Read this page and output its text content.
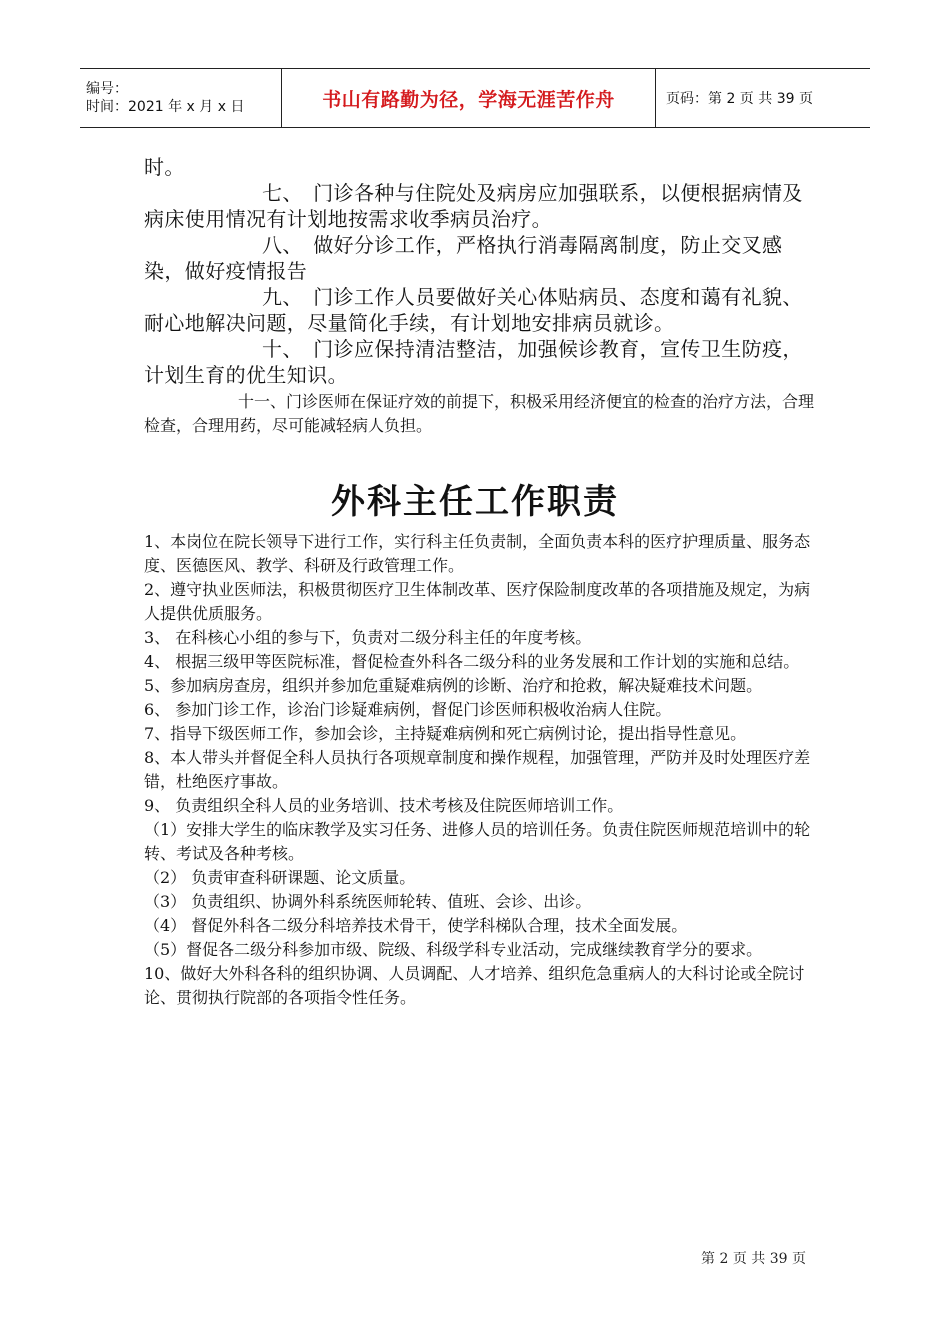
编号：
时间：2021 年 x 月 x 日	书山有路勤为径，学海无涯苦作舟	页码：第 2 页 共 39 页

时。

七、　门诊各种与住院处及病房应加强联系，以便根据病情及病床使用情况有计划地按需求收季病员治疗。

八、　做好分诊工作，严格执行消毒隔离制度，防止交叉感染，做好疫情报告

九、　门诊工作人员要做好关心体贴病员、态度和蔼有礼貌、耐心地解决问题，尽量简化手续，有计划地安排病员就诊。

十、　门诊应保持清洁整洁，加强候诊教育，宣传卫生防疫，计划生育的优生知识。

十一、门诊医师在保证疗效的前提下，积极采用经济便宜的检查的治疗方法，合理检查，合理用药，尽可能减轻病人负担。

外科主任工作职责

1、本岗位在院长领导下进行工作，实行科主任负责制，全面负责本科的医疗护理质量、服务态度、医德医风、教学、科研及行政管理工作。

2、遵守执业医师法，积极贯彻医疗卫生体制改革、医疗保险制度改革的各项措施及规定，为病人提供优质服务。

3、 在科核心小组的参与下，负责对二级分科主任的年度考核。

4、 根据三级甲等医院标准，督促检查外科各二级分科的业务发展和工作计划的实施和总结。

5、参加病房查房，组织并参加危重疑难病例的诊断、治疗和抢救，解决疑难技术问题。

6、 参加门诊工作，诊治门诊疑难病例，督促门诊医师积极收治病人住院。

7、指导下级医师工作，参加会诊，主持疑难病例和死亡病例讨论，提出指导性意见。

8、本人带头并督促全科人员执行各项规章制度和操作规程，加强管理，严防并及时处理医疗差错，杜绝医疗事故。

9、 负责组织全科人员的业务培训、技术考核及住院医师培训工作。

（1）安排大学生的临床教学及实习任务、进修人员的培训任务。负责住院医师规范培训中的轮转、考试及各种考核。

（2） 负责审查科研课题、论文质量。

（3） 负责组织、协调外科系统医师轮转、值班、会诊、出诊。

（4） 督促外科各二级分科培养技术骨干，使学科梯队合理，技术全面发展。

（5）督促各二级分科参加市级、院级、科级学科专业活动，完成继续教育学分的要求。

10、做好大外科各科的组织协调、人员调配、人才培养、组织危急重病人的大科讨论或全院讨论、贯彻执行院部的各项指令性任务。

第 2 页 共 39 页
